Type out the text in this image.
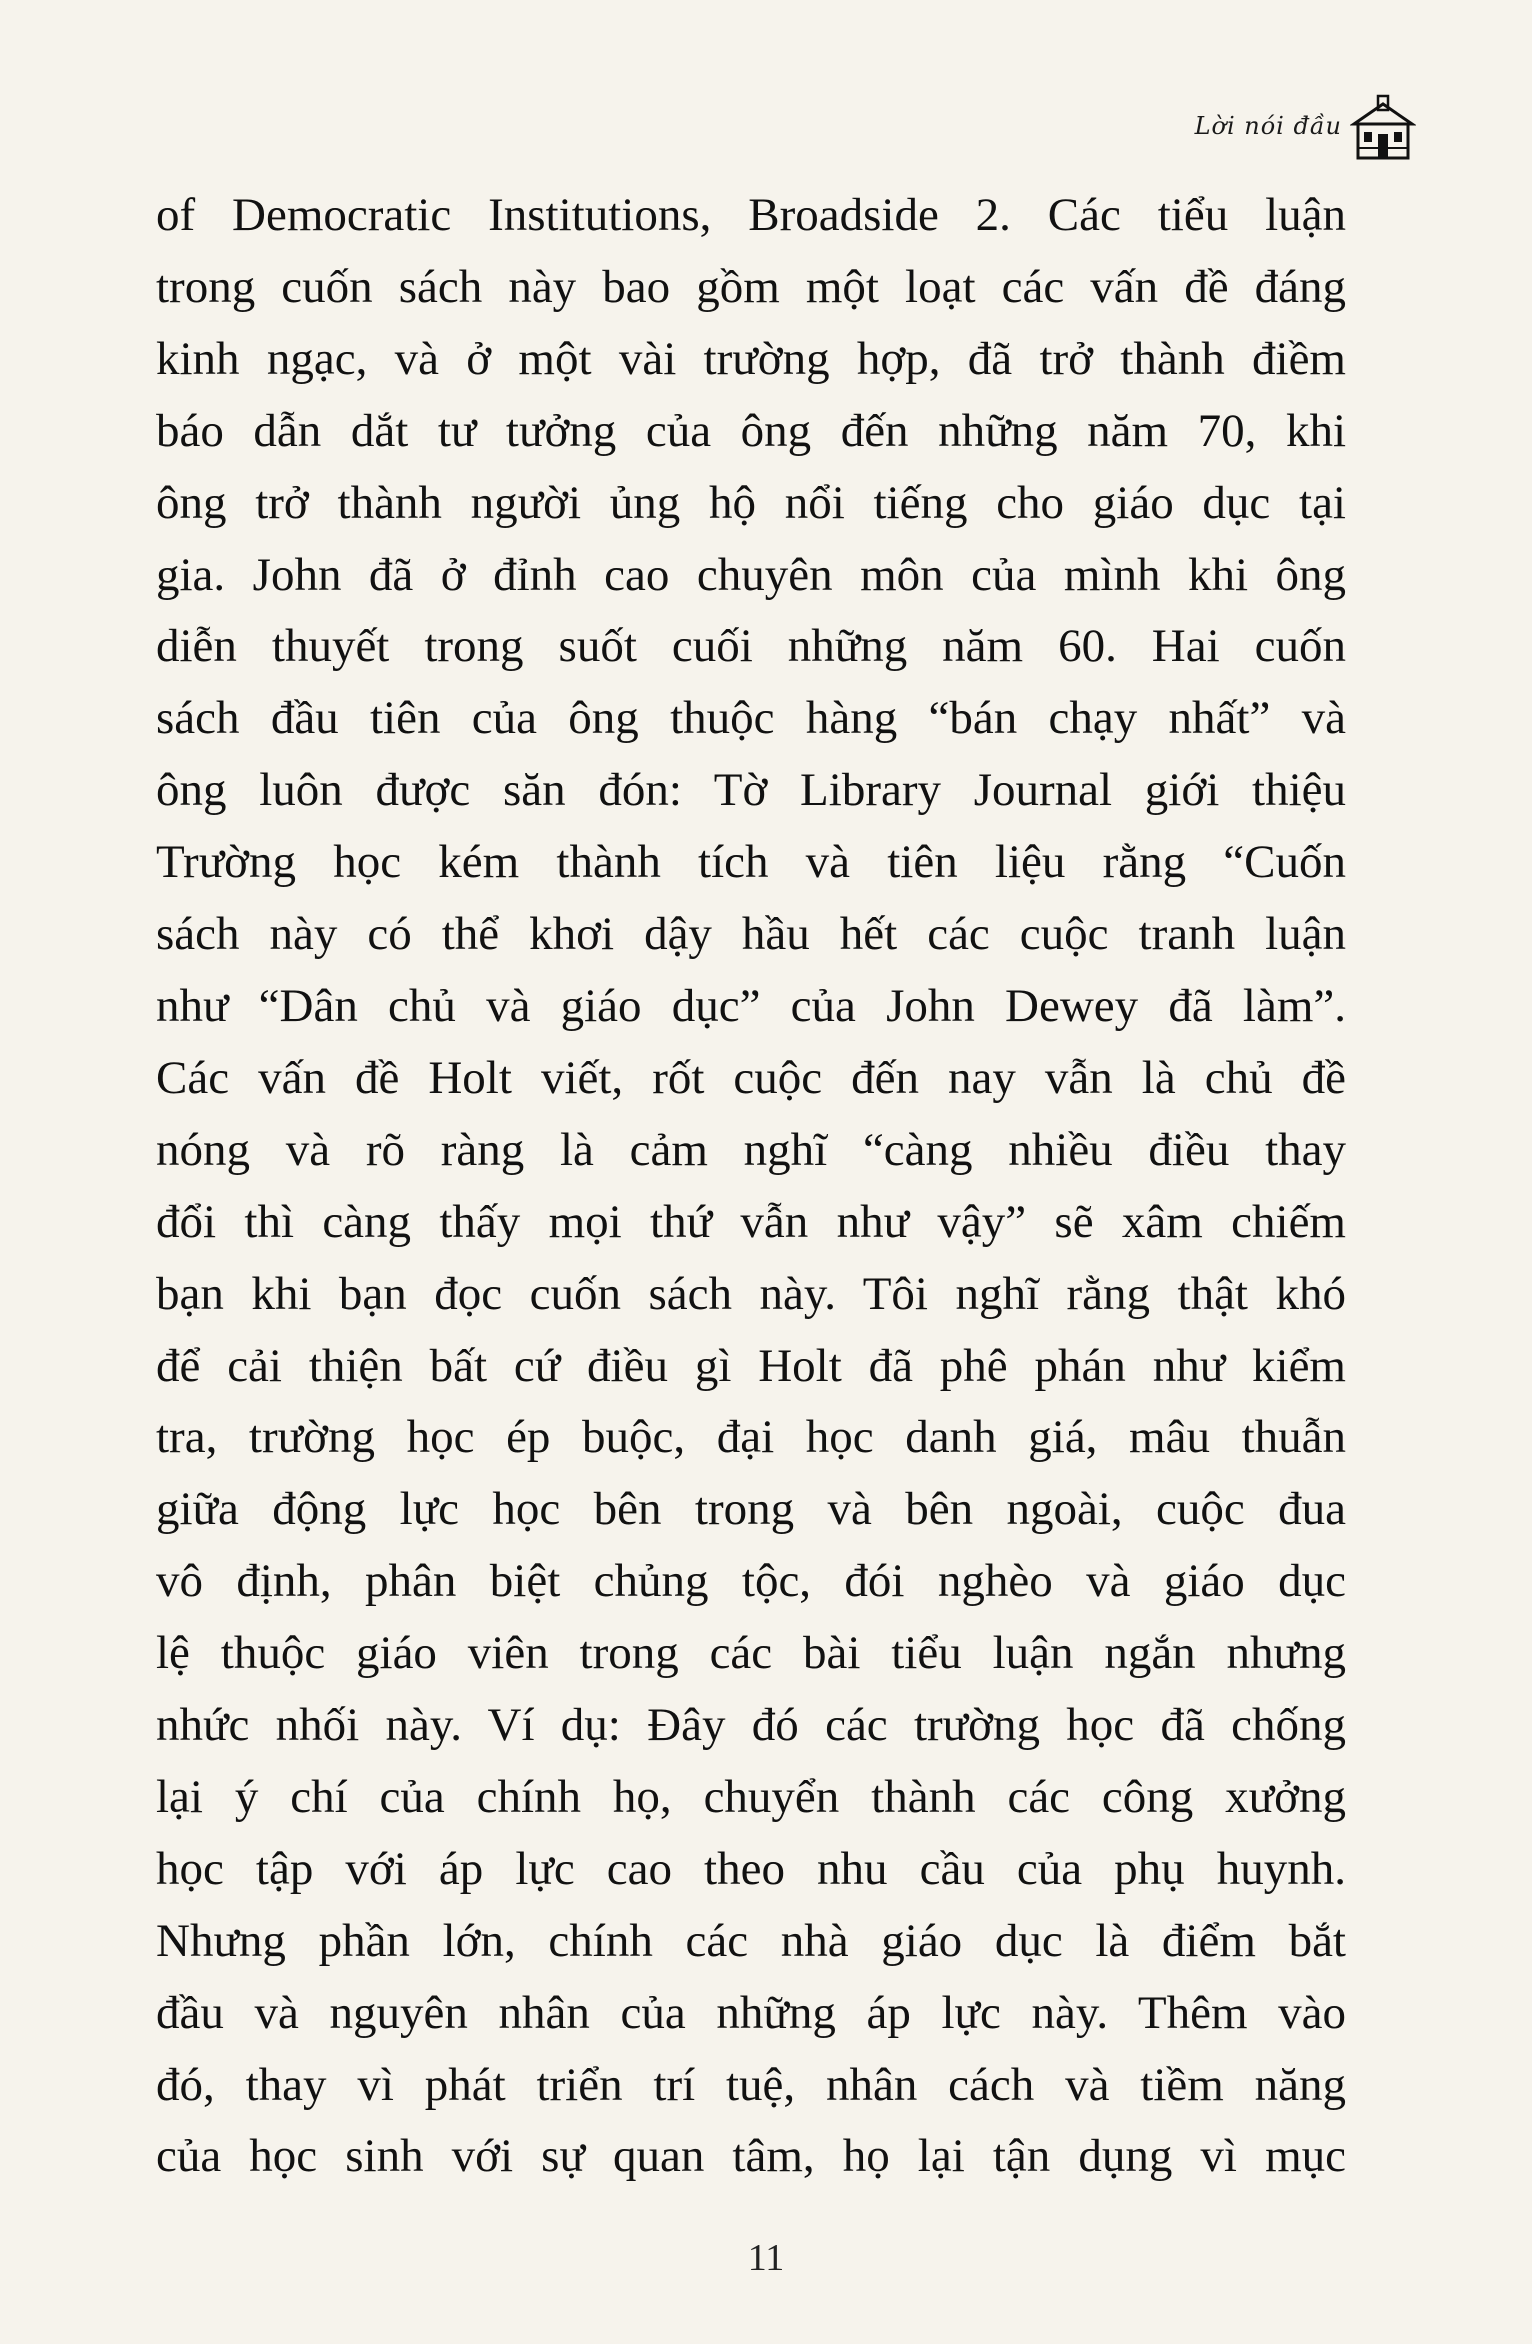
Lời nói đầu
of Democratic Institutions, Broadside 2. Các tiểu luận
trong cuốn sách này bao gồm một loạt các vấn đề đáng
kinh ngạc, và ở một vài trường hợp, đã trở thành điềm
báo dẫn dắt tư tưởng của ông đến những năm 70, khi
ông trở thành người ủng hộ nổi tiếng cho giáo dục tại
gia. John đã ở đỉnh cao chuyên môn của mình khi ông
diễn thuyết trong suốt cuối những năm 60. Hai cuốn
sách đầu tiên của ông thuộc hàng “bán chạy nhất” và
ông luôn được săn đón: Tờ Library Journal giới thiệu
Trường học kém thành tích và tiên liệu rằng “Cuốn
sách này có thể khơi dậy hầu hết các cuộc tranh luận
như “Dân chủ và giáo dục” của John Dewey đã làm”.
Các vấn đề Holt viết, rốt cuộc đến nay vẫn là chủ đề
nóng và rõ ràng là cảm nghĩ “càng nhiều điều thay
đổi thì càng thấy mọi thứ vẫn như vậy” sẽ xâm chiếm
bạn khi bạn đọc cuốn sách này. Tôi nghĩ rằng thật khó
để cải thiện bất cứ điều gì Holt đã phê phán như kiểm
tra, trường học ép buộc, đại học danh giá, mâu thuẫn
giữa động lực học bên trong và bên ngoài, cuộc đua
vô định, phân biệt chủng tộc, đói nghèo và giáo dục
lệ thuộc giáo viên trong các bài tiểu luận ngắn nhưng
nhức nhối này. Ví dụ: Đây đó các trường học đã chống
lại ý chí của chính họ, chuyển thành các công xưởng
học tập với áp lực cao theo nhu cầu của phụ huynh.
Nhưng phần lớn, chính các nhà giáo dục là điểm bắt
đầu và nguyên nhân của những áp lực này. Thêm vào
đó, thay vì phát triển trí tuệ, nhân cách và tiềm năng
của học sinh với sự quan tâm, họ lại tận dụng vì mục
11
